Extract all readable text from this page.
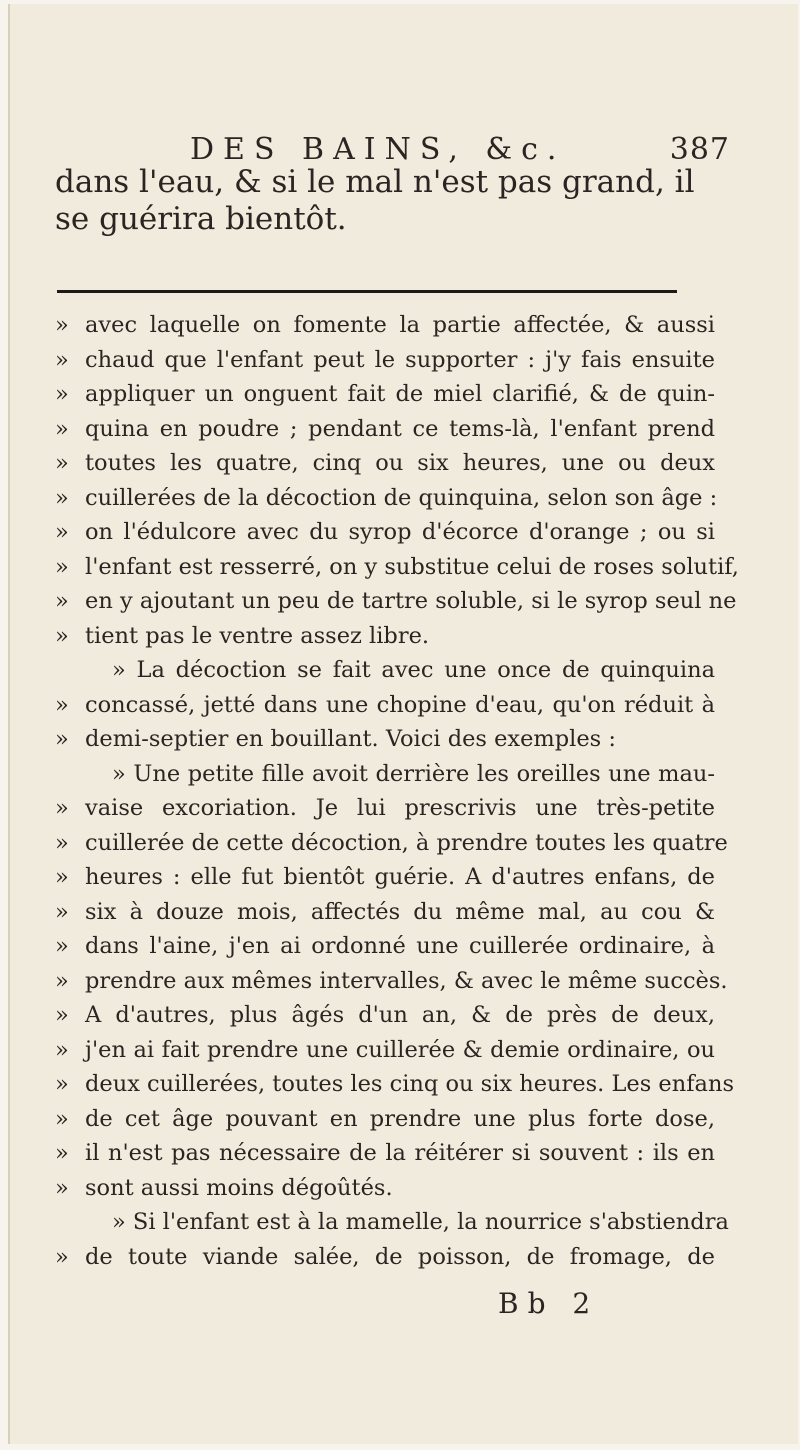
DES BAINS, &c.	387
dans l'eau, & si le mal n'est pas grand, il se guérira bientôt.
» avec laquelle on fomente la partie affectée, & aussi
» chaud que l'enfant peut le supporter : j'y fais ensuite
» appliquer un onguent fait de miel clarifié, & de quin-
» quina en poudre ; pendant ce tems-là, l'enfant prend
» toutes les quatre, cinq ou six heures, une ou deux
» cuillerées de la décoction de quinquina, selon son âge :
» on l'édulcore avec du syrop d'écorce d'orange ; ou si
» l'enfant est resserré, on y substitue celui de roses solutif,
» en y ajoutant un peu de tartre soluble, si le syrop seul ne
» tient pas le ventre assez libre.
» La décoction se fait avec une once de quinquina
» concassé, jetté dans une chopine d'eau, qu'on réduit à
» demi-septier en bouillant. Voici des exemples :
» Une petite fille avoit derrière les oreilles une mau-
» vaise excoriation. Je lui prescrivis une très-petite
» cuillerée de cette décoction, à prendre toutes les quatre
» heures : elle fut bientôt guérie. A d'autres enfans, de
» six à douze mois, affectés du même mal, au cou &
» dans l'aine, j'en ai ordonné une cuillerée ordinaire, à
» prendre aux mêmes intervalles, & avec le même succès.
» A d'autres, plus âgés d'un an, & de près de deux,
» j'en ai fait prendre une cuillerée & demie ordinaire, ou
» deux cuillerées, toutes les cinq ou six heures. Les enfans
» de cet âge pouvant en prendre une plus forte dose,
» il n'est pas nécessaire de la réitérer si souvent : ils en
» sont aussi moins dégoûtés.
» Si l'enfant est à la mamelle, la nourrice s'abstiendra
» de toute viande salée, de poisson, de fromage, de
Bb 2
